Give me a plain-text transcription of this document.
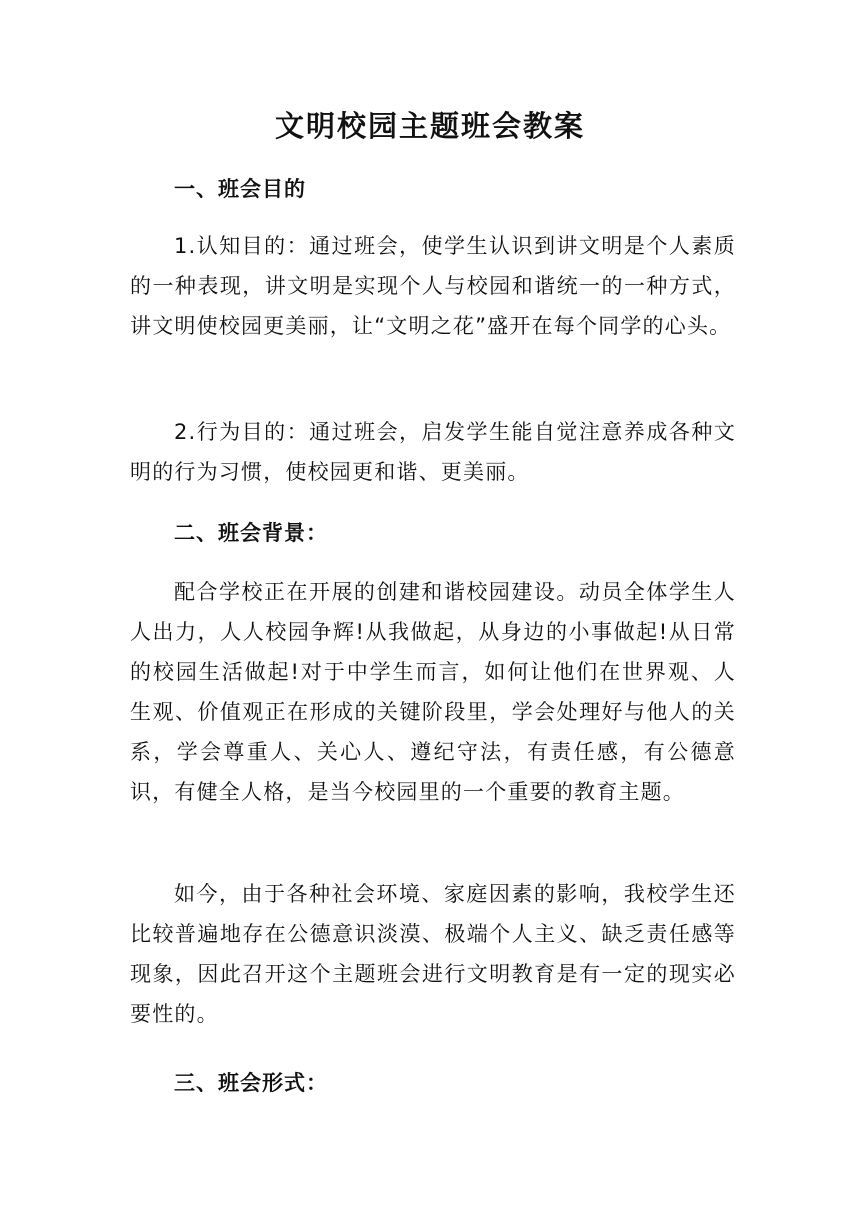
文明校园主题班会教案
一、班会目的

1.认知目的：通过班会，使学生认识到讲文明是个人素质的一种表现，讲文明是实现个人与校园和谐统一的一种方式，讲文明使校园更美丽，让“文明之花”盛开在每个同学的心头。

2.行为目的：通过班会，启发学生能自觉注意养成各种文明的行为习惯，使校园更和谐、更美丽。

二、班会背景：

配合学校正在开展的创建和谐校园建设。动员全体学生人人出力，人人校园争辉!从我做起，从身边的小事做起!从日常的校园生活做起!对于中学生而言，如何让他们在世界观、人生观、价值观正在形成的关键阶段里，学会处理好与他人的关系，学会尊重人、关心人、遵纪守法，有责任感，有公德意识，有健全人格，是当今校园里的一个重要的教育主题。

如今，由于各种社会环境、家庭因素的影响，我校学生还比较普遍地存在公德意识淡漠、极端个人主义、缺乏责任感等现象，因此召开这个主题班会进行文明教育是有一定的现实必要性的。

三、班会形式：
